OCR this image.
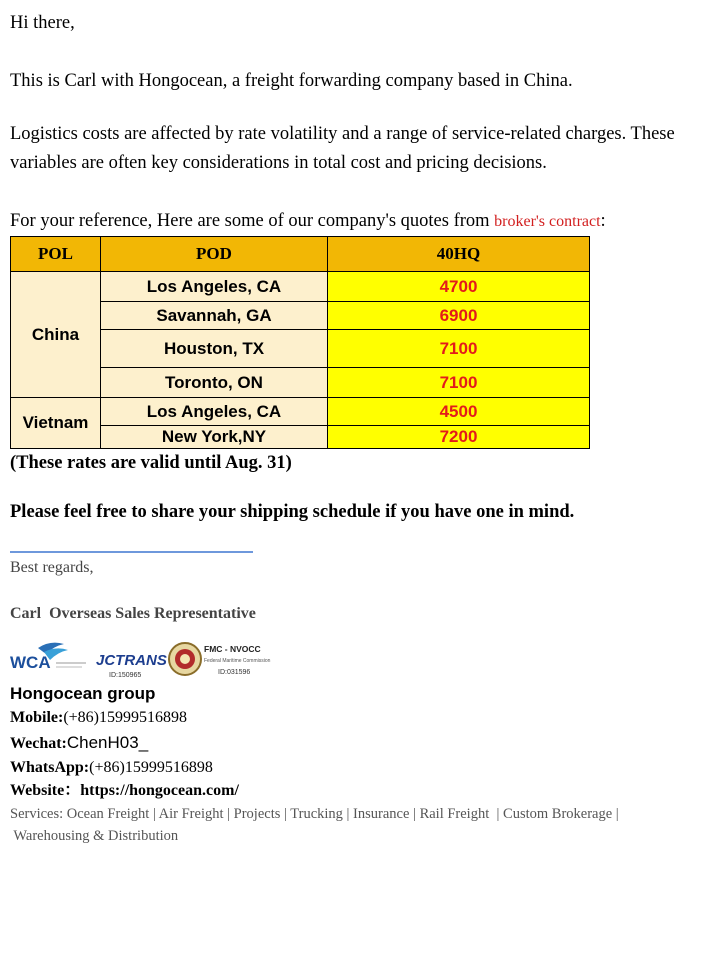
Hi there,

This is Carl with Hongocean, a freight forwarding company based in China.

Logistics costs are affected by rate volatility and a range of service-related charges. These variables are often key considerations in total cost and pricing decisions.

For your reference, Here are some of our company's quotes from broker's contract:

POL	POD	40HQ
China	Los Angeles, CA	4700
	Savannah, GA	6900
	Houston, TX	7100
	Toronto, ON	7100
Vietnam	Los Angeles, CA	4500
	New York,NY	7200

(These rates are valid until Aug. 31)

Please feel free to share your shipping schedule if you have one in mind.

Best regards,

Carl  Overseas Sales Representative

WCA	JCTRANS
ID:150965
FMC - NVOCC
Federal Maritime Commission
ID:031596

Hongocean group

Mobile:(+86)15999516898

Wechat:ChenH03_

WhatsApp:(+86)15999516898

Website：https://hongocean.com/

Services: Ocean Freight | Air Freight | Projects | Trucking | Insurance | Rail Freight  | Custom Brokerage |

Warehousing & Distribution
